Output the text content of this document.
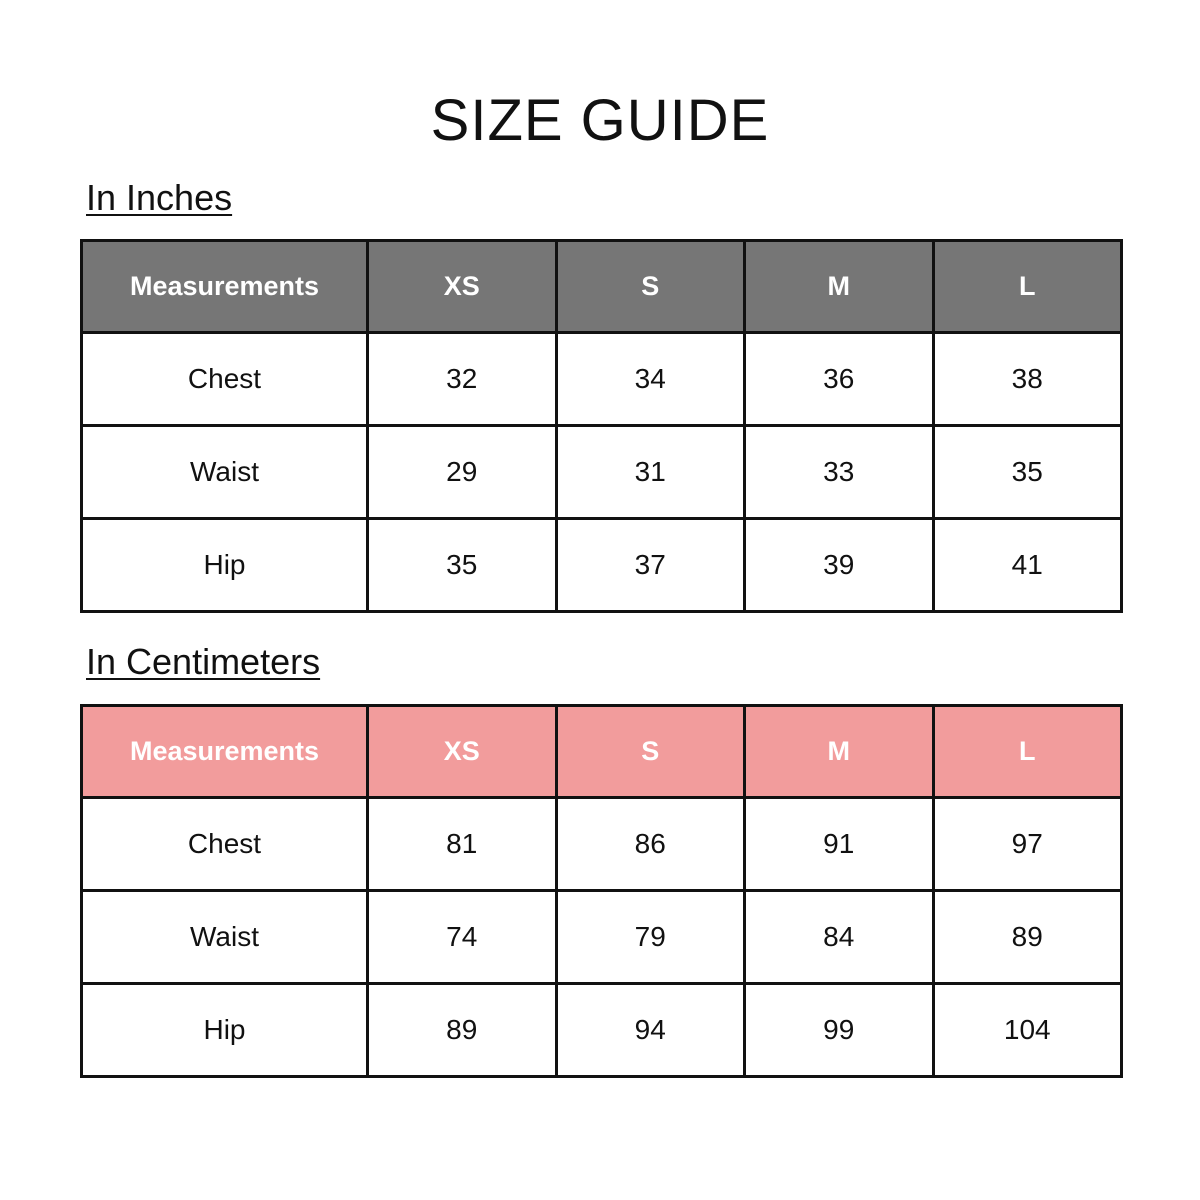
SIZE GUIDE
In Inches
Measurements	XS	S	M	L
Chest	32	34	36	38
Waist	29	31	33	35
Hip	35	37	39	41
In Centimeters
Measurements	XS	S	M	L
Chest	81	86	91	97
Waist	74	79	84	89
Hip	89	94	99	104
